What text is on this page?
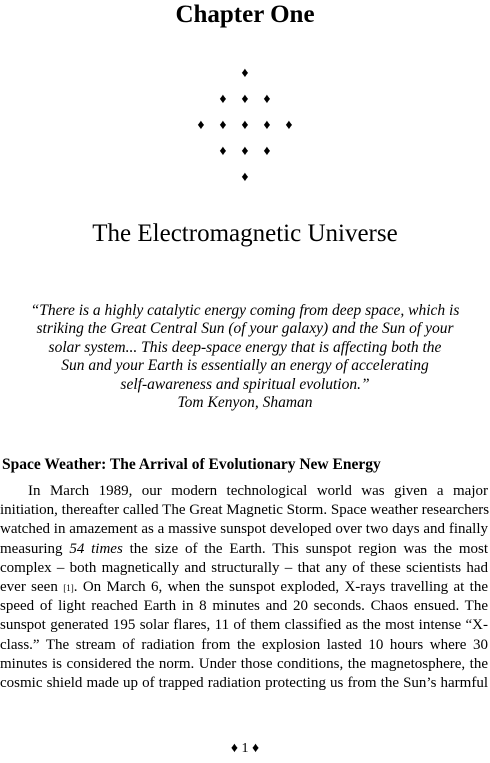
Chapter One
♦
♦ ♦ ♦
♦ ♦ ♦ ♦ ♦
♦ ♦ ♦
♦
The Electromagnetic Universe
“There is a highly catalytic energy coming from deep space, which is
striking the Great Central Sun (of your galaxy) and the Sun of your
solar system... This deep-space energy that is affecting both the
Sun and your Earth is essentially an energy of accelerating
self-awareness and spiritual evolution.”
Tom Kenyon, Shaman
Space Weather: The Arrival of Evolutionary New Energy
In March 1989, our modern technological world was given a major
initiation, thereafter called The Great Magnetic Storm. Space weather researchers
watched in amazement as a massive sunspot developed over two days and finally
measuring 54 times the size of the Earth. This sunspot region was the most
complex – both magnetically and structurally – that any of these scientists had
ever seen [1]. On March 6, when the sunspot exploded, X-rays travelling at the
speed of light reached Earth in 8 minutes and 20 seconds. Chaos ensued. The
sunspot generated 195 solar flares, 11 of them classified as the most intense “X-
class.” The stream of radiation from the explosion lasted 10 hours where 30
minutes is considered the norm. Under those conditions, the magnetosphere, the
cosmic shield made up of trapped radiation protecting us from the Sun’s harmful
♦ 1 ♦
